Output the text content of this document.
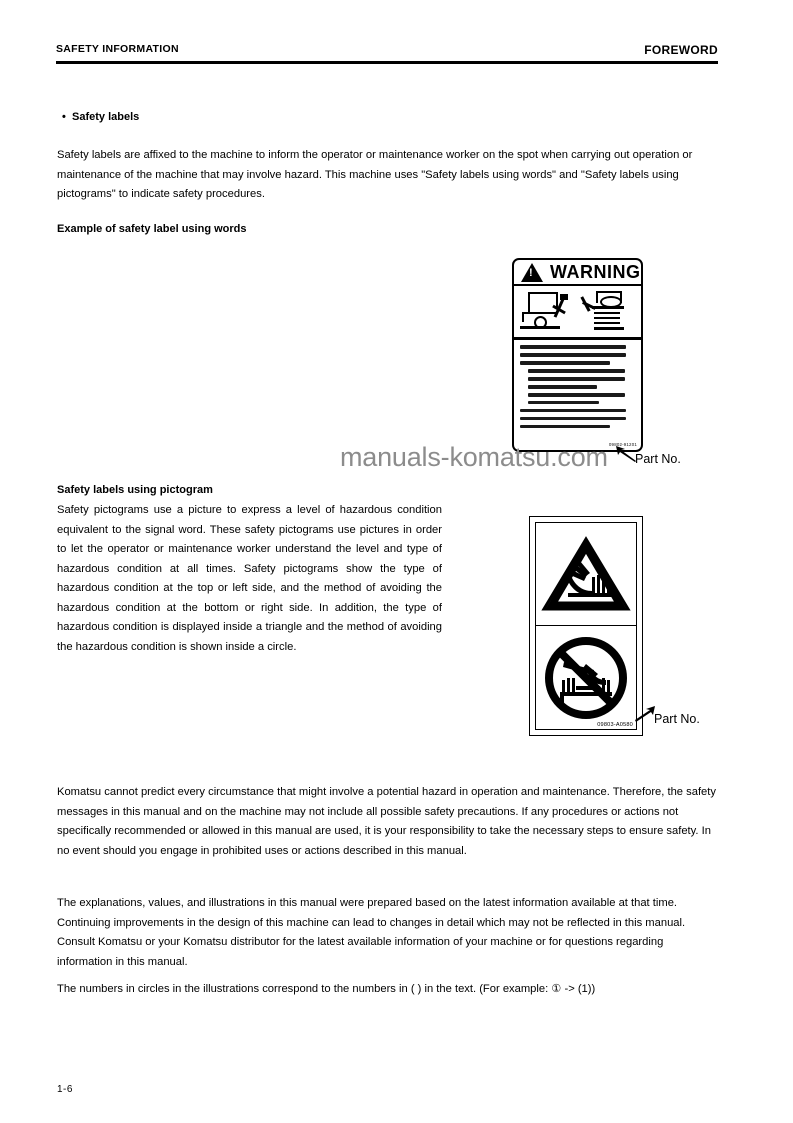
SAFETY INFORMATION	FOREWORD
• Safety labels
Safety labels are affixed to the machine to inform the operator or maintenance worker on the spot when carrying out operation or maintenance of the machine that may involve hazard. This machine uses "Safety labels using words" and "Safety labels using pictograms" to indicate safety procedures.
Example of safety label using words
!
WARNING
09802-91201
Part No.
manuals-komatsu.com
Safety labels using pictogram
Safety pictograms use a picture to express a level of hazardous condition equivalent to the signal word. These safety pictograms use pictures in order to let the operator or maintenance worker understand the level and type of hazardous condition at all times. Safety pictograms show the type of hazardous condition at the top or left side, and the method of avoiding the hazardous condition at the bottom or right side. In addition, the type of hazardous condition is displayed inside a triangle and the method of avoiding the hazardous condition is shown inside a circle.
09803-A0580 Part No.
Komatsu cannot predict every circumstance that might involve a potential hazard in operation and maintenance. Therefore, the safety messages in this manual and on the machine may not include all possible safety precautions. If any procedures or actions not specifically recommended or allowed in this manual are used, it is your responsibility to take the necessary steps to ensure safety. In no event should you engage in prohibited uses or actions described in this manual.
The explanations, values, and illustrations in this manual were prepared based on the latest information available at that time. Continuing improvements in the design of this machine can lead to changes in detail which may not be reflected in this manual. Consult Komatsu or your Komatsu distributor for the latest available information of your machine or for questions regarding information in this manual.
The numbers in circles in the illustrations correspond to the numbers in ( ) in the text. (For example: ① -> (1))
1-6
